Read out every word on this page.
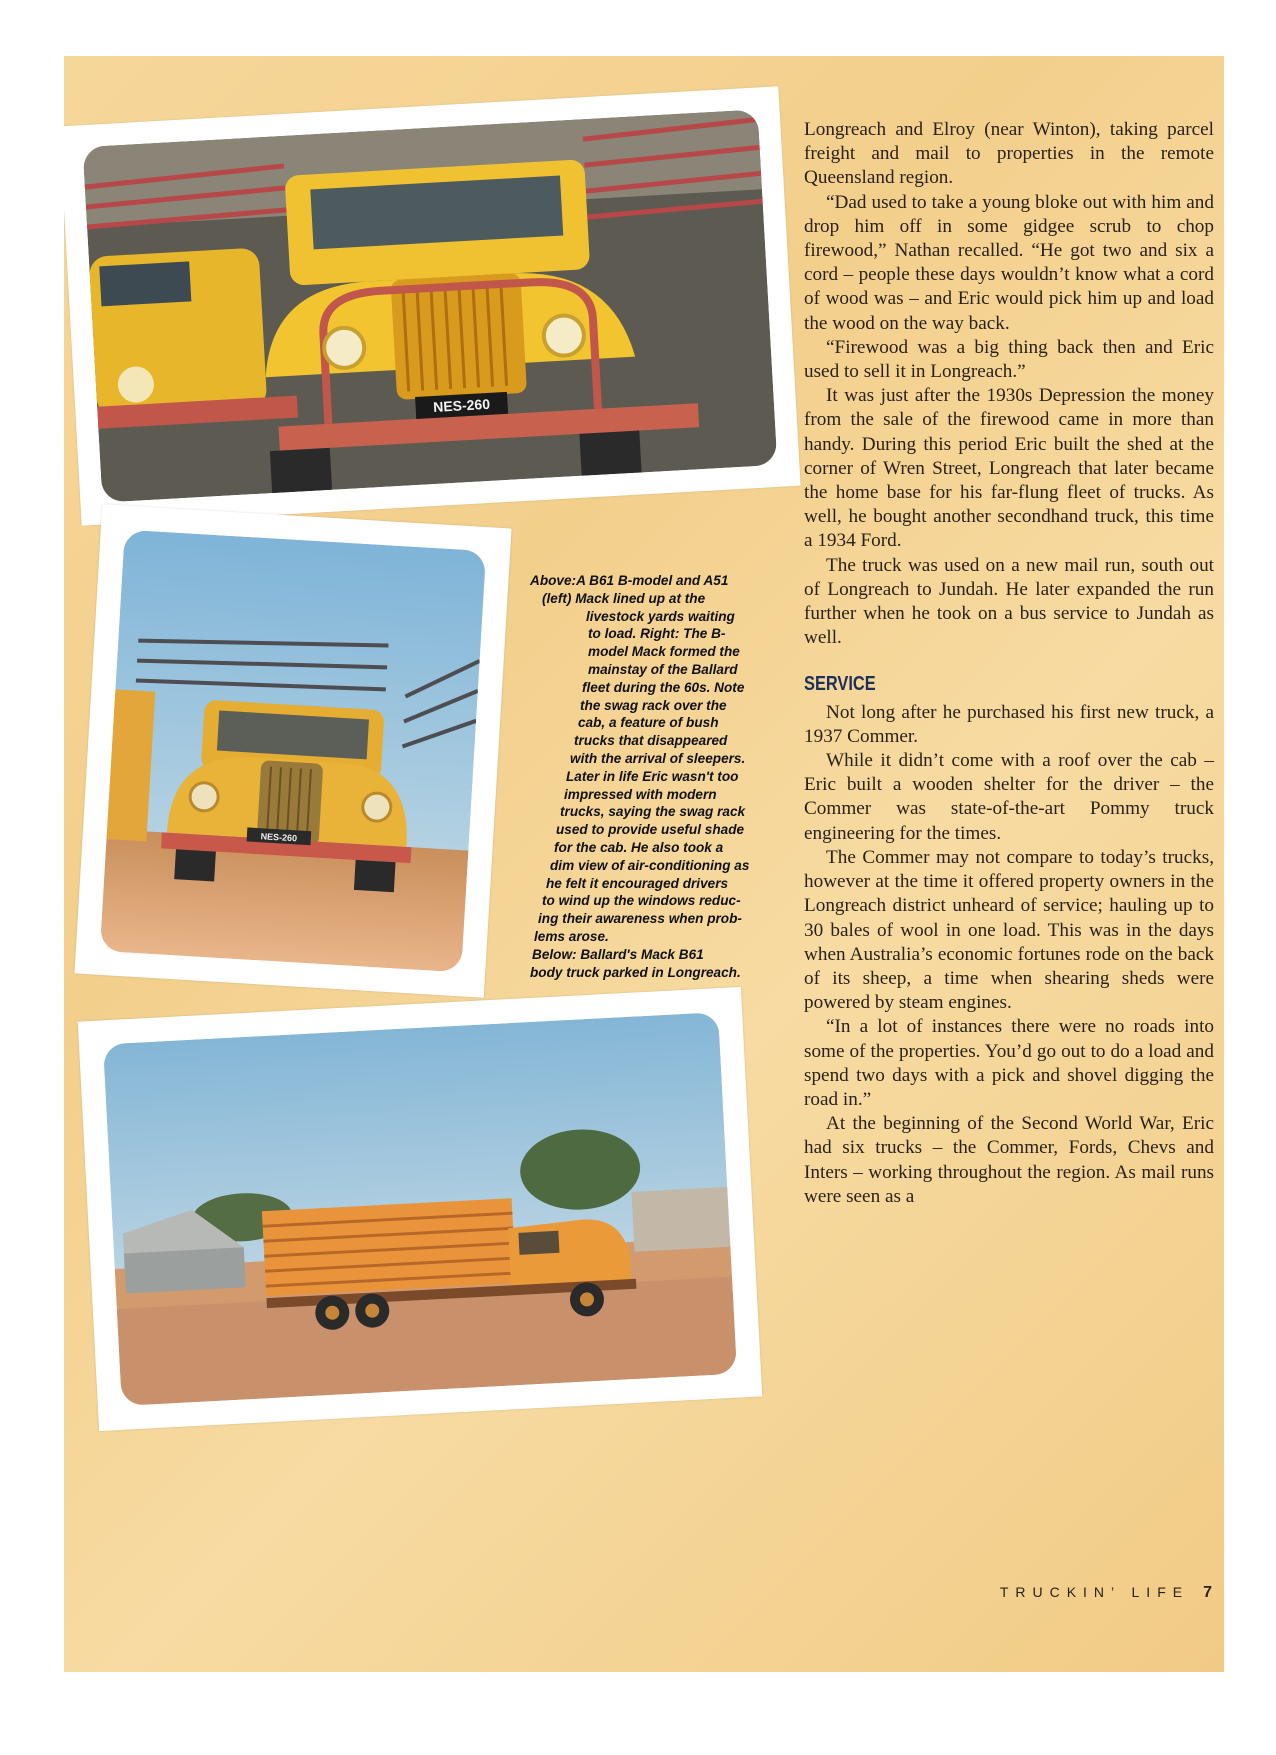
NES-260
NES-260
Above:A B61 B-model and A51
(left) Mack lined up at the
livestock yards waiting
to load. Right: The B-
model Mack formed the
mainstay of the Ballard
fleet during the 60s. Note
the swag rack over the
cab, a feature of bush
trucks that disappeared
with the arrival of sleepers.
Later in life Eric wasn't too
impressed with modern
trucks, saying the swag rack
used to provide useful shade
for the cab. He also took a
dim view of air-conditioning as
he felt it encouraged drivers
to wind up the windows reduc-
ing their awareness when prob-
lems arose.
Below: Ballard's Mack B61
body truck parked in Longreach.

Longreach and Elroy (near Winton), taking parcel freight and mail to properties in the remote Queensland region.

“Dad used to take a young bloke out with him and drop him off in some gidgee scrub to chop firewood,” Nathan recalled. “He got two and six a cord – people these days wouldn’t know what a cord of wood was – and Eric would pick him up and load the wood on the way back.

“Firewood was a big thing back then and Eric used to sell it in Longreach.”

It was just after the 1930s Depression the money from the sale of the firewood came in more than handy. During this period Eric built the shed at the corner of Wren Street, Longreach that later became the home base for his far-flung fleet of trucks. As well, he bought another secondhand truck, this time a 1934 Ford.

The truck was used on a new mail run, south out of Longreach to Jundah. He later expanded the run further when he took on a bus service to Jundah as well.

SERVICE

Not long after he purchased his first new truck, a 1937 Commer.

While it didn’t come with a roof over the cab – Eric built a wooden shelter for the driver – the Commer was state-of-the-art Pommy truck engineering for the times.

The Commer may not compare to today’s trucks, however at the time it offered property owners in the Longreach district unheard of service; hauling up to 30 bales of wool in one load. This was in the days when Australia’s economic fortunes rode on the back of its sheep, a time when shearing sheds were powered by steam engines.

“In a lot of instances there were no roads into some of the properties. You’d go out to do a load and spend two days with a pick and shovel digging the road in.”

At the beginning of the Second World War, Eric had six trucks – the Commer, Fords, Chevs and Inters – working throughout the region. As mail runs were seen as a

TRUCKIN’ LIFE 7
